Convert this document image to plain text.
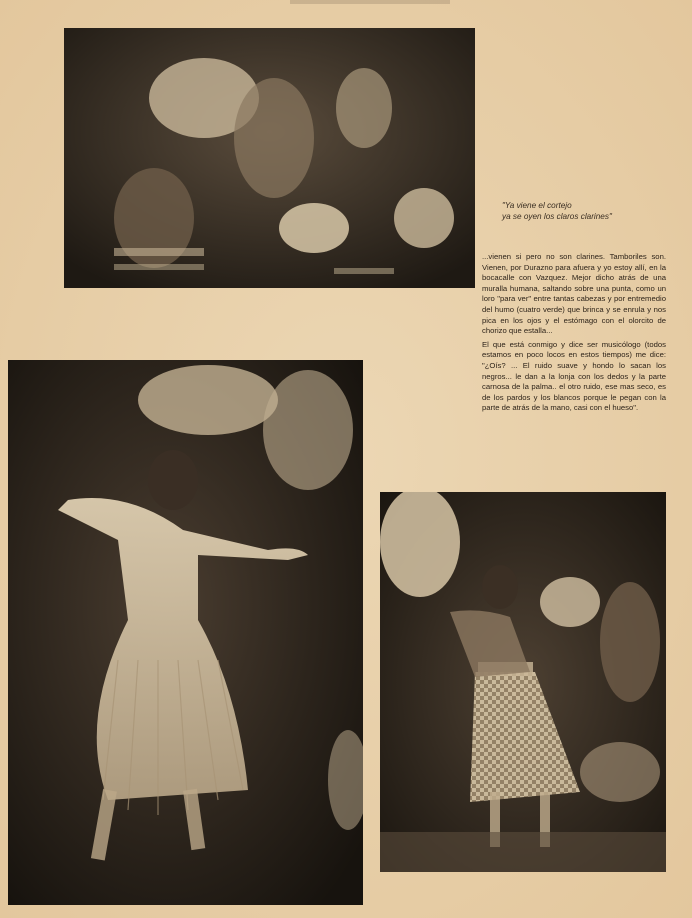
"Ya viene el cortejo
ya se oyen los claros clarines"

...vienen si pero no son clarines. Tamboriles son. Vienen, por Durazno para afuera y yo estoy allí, en la bocacalle con Vazquez. Mejor dicho atrás de una muralla humana, saltando sobre una punta, como un loro "para ver" entre tantas cabezas y por entremedio del humo (cuatro verde) que brinca y se enrula y nos pica en los ojos y el estómago con el olorcito de chorizo que estalla...

El que está conmigo y dice ser musicólogo (todos estamos en poco locos en estos tiempos) me dice: "¿Oís? ... El ruido suave y hondo lo sacan los negros... le dan a la lonja con los dedos y la parte carnosa de la palma.. el otro ruido, ese mas seco, es de los pardos y los blancos porque le pegan con la parte de atrás de la mano, casi con el hueso".
